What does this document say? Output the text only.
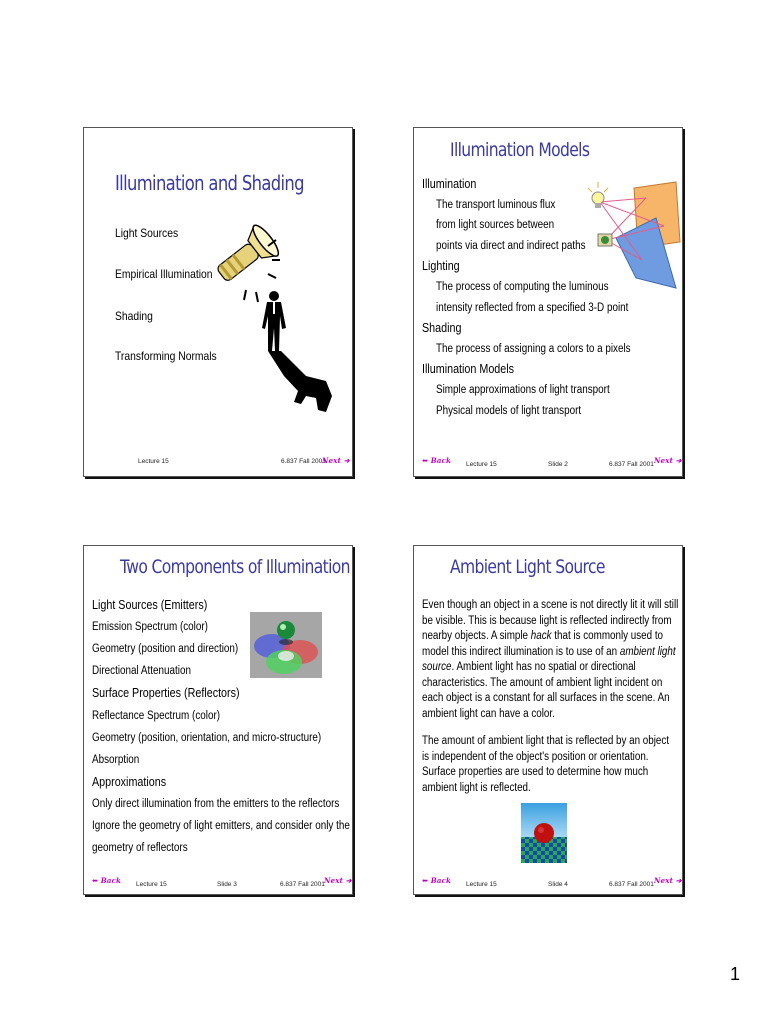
Illumination and Shading
Light Sources
Empirical Illumination
Shading
Transforming Normals
Lecture 15	6.837 Fall 2001
Next ➔
Illumination Models
Illumination
The transport luminous flux
from light sources between
points via direct and indirect paths
Lighting
The process of computing the luminous
intensity reflected from a specified 3-D point
Shading
The process of assigning a colors to a pixels
Illumination Models
Simple approximations of light transport
Physical models of light transport
⬅ Back Lecture 15	Slide 2	6.837 Fall 2001 Next ➔
Two Components of Illumination
Light Sources (Emitters)
Emission Spectrum (color)
Geometry (position and direction)
Directional Attenuation
Surface Properties (Reflectors)
Reflectance Spectrum (color)
Geometry (position, orientation, and micro-structure)
Absorption
Approximations
Only direct illumination from the emitters to the reflectors
Ignore the geometry of light emitters, and consider only the
geometry of reflectors
⬅ Back Lecture 15	Slide 3	6.837 Fall 2001 Next ➔
Ambient Light Source
Even though an object in a scene is not directly lit it will still be visible. This is because light is reflected indirectly from nearby objects. A simple hack that is commonly used to model this indirect illumination is to use of an ambient light source. Ambient light has no spatial or directional characteristics. The amount of ambient light incident on each object is a constant for all surfaces in the scene. An ambient light can have a color.
The amount of ambient light that is reflected by an object is independent of the object's position or orientation. Surface properties are used to determine how much ambient light is reflected.
⬅ Back Lecture 15	Slide 4	6.837 Fall 2001 Next ➔
1
